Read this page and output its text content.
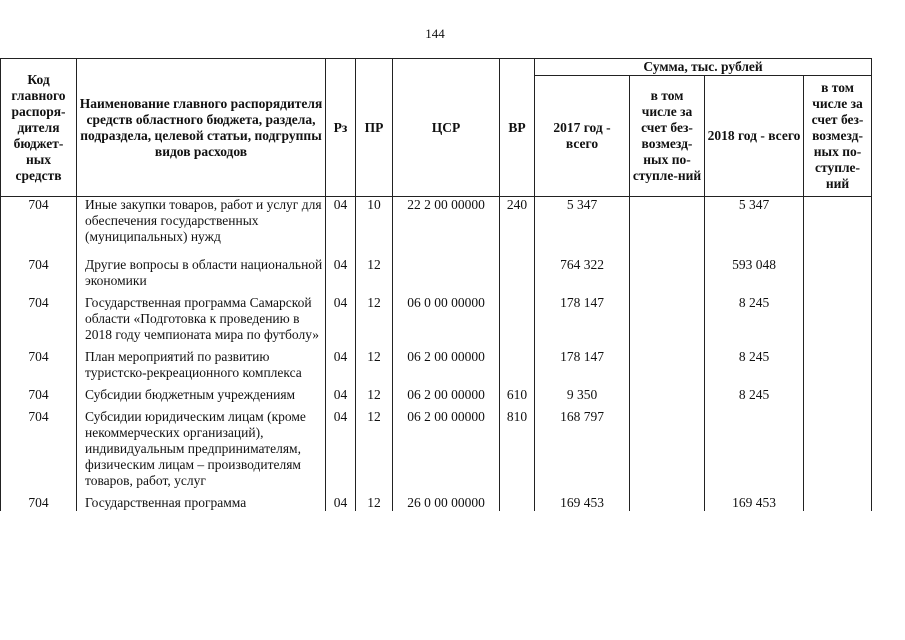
144
Код главного распоря-дителя бюджет-ных средств	Наименование главного распорядителя средств областного бюджета, раздела, подраздела, целевой статьи, подгруппы видов расходов	Рз	ПР	ЦСР	ВР	Сумма, тыс. рублей			
						2017 год - всего	в том числе за счет без-возмезд-ных по-ступле-ний	2018 год - всего	в том числе за счет без-возмезд-ных по-ступле-ний
704	Иные закупки товаров, работ и услуг для обеспечения государственных (муниципальных) нужд	04	10	22 2 00 00000	240	5 347		5 347	
704	Другие вопросы в области национальной экономики	04	12			764 322		593 048	
704	Государственная программа Самарской области «Подготовка к проведению в 2018 году чемпионата мира по футболу»	04	12	06 0 00 00000		178 147		8 245	
704	План мероприятий по развитию туристско-рекреационного комплекса	04	12	06 2 00 00000		178 147		8 245	
704	Субсидии бюджетным учреждениям	04	12	06 2 00 00000	610	9 350		8 245	
704	Субсидии юридическим лицам (кроме некоммерческих организаций), индивидуальным предпринимателям, физическим лицам – производителям товаров, работ, услуг	04	12	06 2 00 00000	810	168 797			
704	Государственная программа	04	12	26 0 00 00000		169 453		169 453	
